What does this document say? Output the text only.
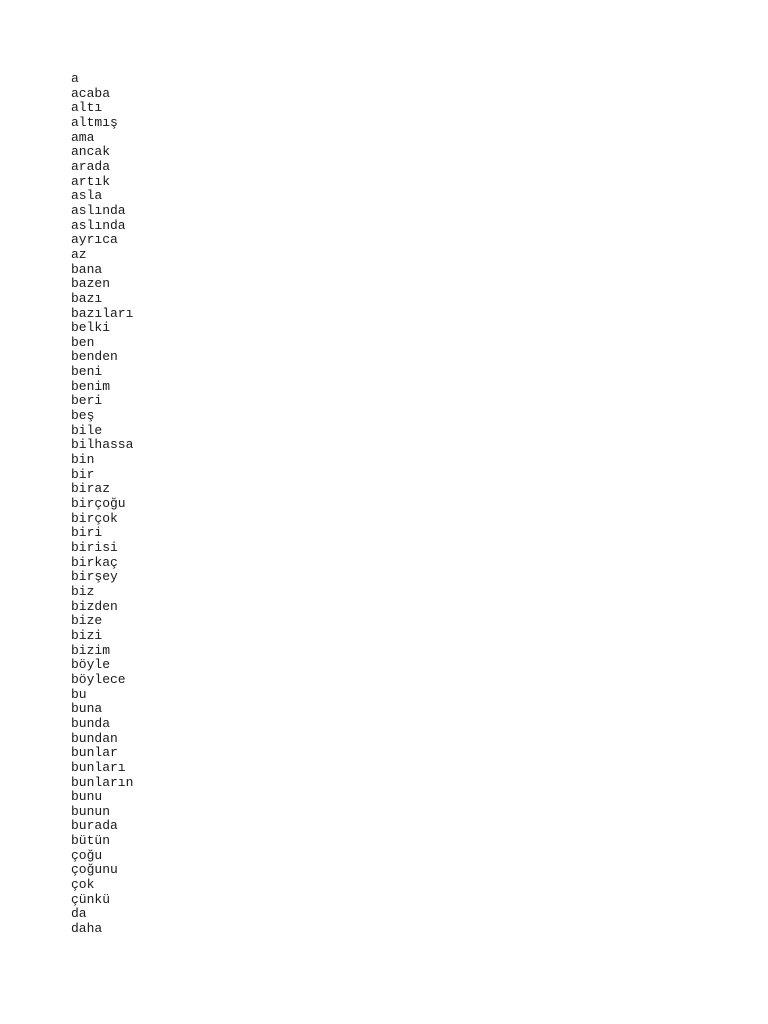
a
acaba
altı
altmış
ama
ancak
arada
artık
asla
aslında
aslında
ayrıca
az
bana
bazen
bazı
bazıları
belki
ben
benden
beni
benim
beri
beş
bile
bilhassa
bin
bir
biraz
birçoğu
birçok
biri
birisi
birkaç
birşey
biz
bizden
bize
bizi
bizim
böyle
böylece
bu
buna
bunda
bundan
bunlar
bunları
bunların
bunu
bunun
burada
bütün
çoğu
çoğunu
çok
çünkü
da
daha
